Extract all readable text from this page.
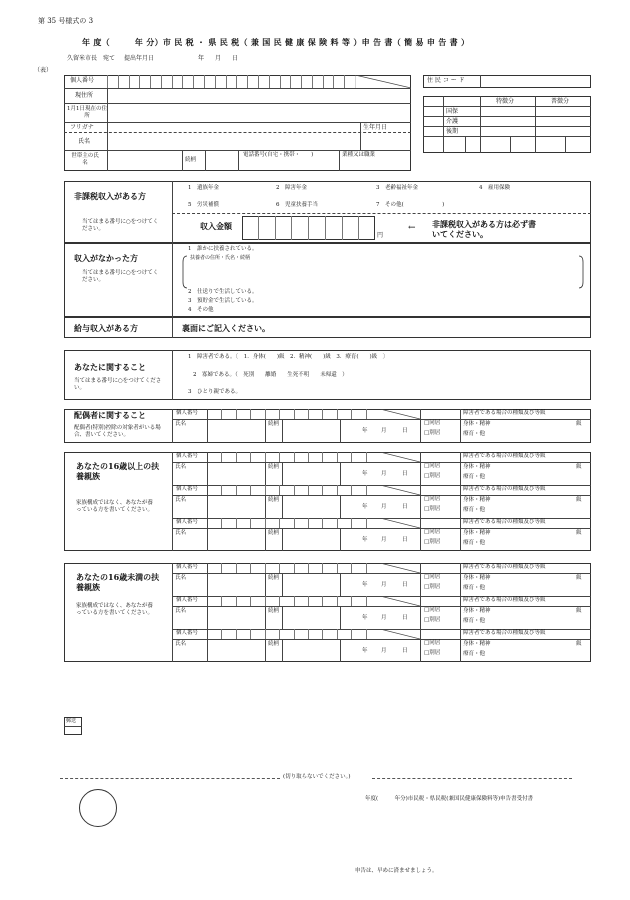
第 35 号様式の 3
年 度（　　　年 分）市 民 税 ・ 県 民 税（ 兼 国 民 健 康 保 険 料 等 ）申 告 書（ 簡 易 申 告 書 ）
久留米市長　宛て 提出年月日	年 月 日
（表）
個人番号
現住所
1月1日現在の住所
フリガナ	生年月日
氏名
世帯主の氏名	続柄
電話番号(自宅・携帯・　　)	業種又は職業
住 民 コ ー ド
特徴分	普徴分
国保
介護
後期
非課税収入がある方
当てはまる番号に○をつけてください。
1　遺族年金	2　障害年金	3　老齢福祉年金	4　雇用保険
5　労災補償	6　児童扶養手当	7　その他(　　　　　　　)
収入金額
円
← 非課税収入がある方は必ず書いてください。
収入がなかった方
当てはまる番号に○をつけてください。
1　誰かに扶養されている。
扶養者の住所・氏名・続柄
2　仕送りで生活している。
3　預貯金で生活している。
4　その他
給与収入がある方	裏面にご記入ください。
あなたに関すること
当てはまる番号に○をつけてください。
1　障害者である。〔　1．身体(　　)級　2．精神(　　)級　3．療育(　　)級　〕
2　寡婦である。（　死別　　離婚　　生死不明　　未帰還　）
3　ひとり親である。
配偶者に関すること
配偶者(特別)控除の対象者がいる場合、書いてください。
あなたの16歳以上の扶養親族
家族構成ではなく、あなたが養っている方を書いてください。
あなたの16歳未満の扶養親族
家族構成ではなく、あなたが養っている方を書いてください。
個人番号	障害者である場合の種類及び等級
氏名	続柄
年 月	日
□同居
□別居
身体・精神	級
療育・他
個人番号	障害者である場合の種類及び等級
氏名	続柄
年 月	日
□同居
□別居
身体・精神	級
療育・他
個人番号	障害者である場合の種類及び等級
氏名	続柄
年 月	日
□同居
□別居
身体・精神	級
療育・他
個人番号	障害者である場合の種類及び等級
氏名	続柄
年 月	日
□同居
□別居
身体・精神	級
療育・他
個人番号	障害者である場合の種類及び等級
氏名	続柄
年 月	日
□同居
□別居
身体・精神	級
療育・他
個人番号	障害者である場合の種類及び等級
氏名	続柄
年 月	日
□同居
□別居
身体・精神	級
療育・他
個人番号	障害者である場合の種類及び等級
氏名	続柄
年 月	日
□同居
□別居
身体・精神	級
療育・他
郵送
(切り取らないでください。)
年度(　　　年分)市民税・県民税(兼国民健康保険料等)申告書受付書
申告は、早めに済ませましょう。
